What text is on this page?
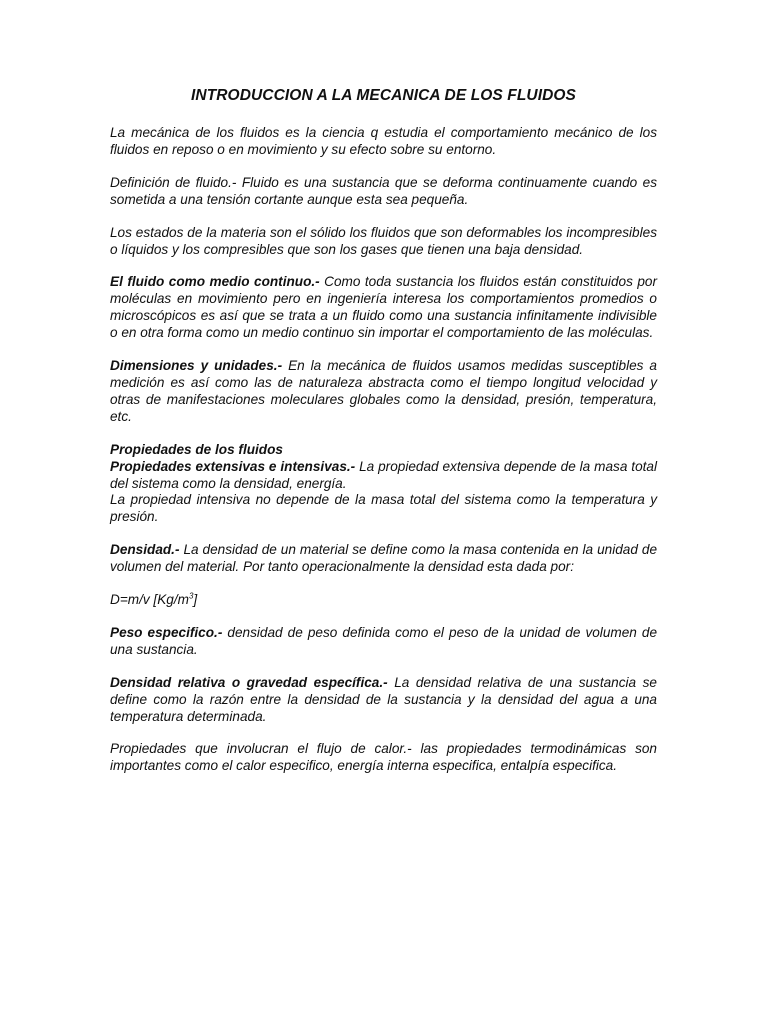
INTRODUCCION A LA MECANICA DE LOS FLUIDOS

La mecánica de los fluidos es la ciencia q estudia el comportamiento mecánico de los fluidos en reposo o en movimiento y su efecto sobre su entorno.

Definición de fluido.- Fluido es una sustancia que se deforma continuamente cuando es sometida a una tensión cortante aunque esta sea pequeña.

Los estados de la materia son el sólido los fluidos que son deformables los incompresibles o líquidos y los compresibles que son los gases que tienen una baja densidad.

El fluido como medio continuo.- Como toda sustancia los fluidos están constituidos por moléculas en movimiento pero en ingeniería interesa los comportamientos promedios o microscópicos es así que se trata a un fluido como una sustancia infinitamente indivisible o en otra forma como un medio continuo sin importar el comportamiento de las moléculas.

Dimensiones y unidades.- En la mecánica de fluidos usamos medidas susceptibles a medición es así como las de naturaleza abstracta como el tiempo longitud velocidad y otras de manifestaciones moleculares globales como la densidad, presión, temperatura, etc.

Propiedades de los fluidos

Propiedades extensivas e intensivas.- La propiedad extensiva depende de la masa total del sistema como la densidad, energía.

La propiedad intensiva no depende de la masa total del sistema como la temperatura y presión.

Densidad.- La densidad de un material se define como la masa contenida en la unidad de volumen del material. Por tanto operacionalmente la densidad esta dada por:

D=m/v $[Kg/m^3]$

Peso especifico.- densidad de peso definida como el peso de la unidad de volumen de una sustancia.

Densidad relativa o gravedad específica.- La densidad relativa de una sustancia se define como la razón entre la densidad de la sustancia y la densidad del agua a una temperatura determinada.

Propiedades que involucran el flujo de calor.- las propiedades termodinámicas son importantes como el calor especifico, energía interna especifica, entalpía especifica.
